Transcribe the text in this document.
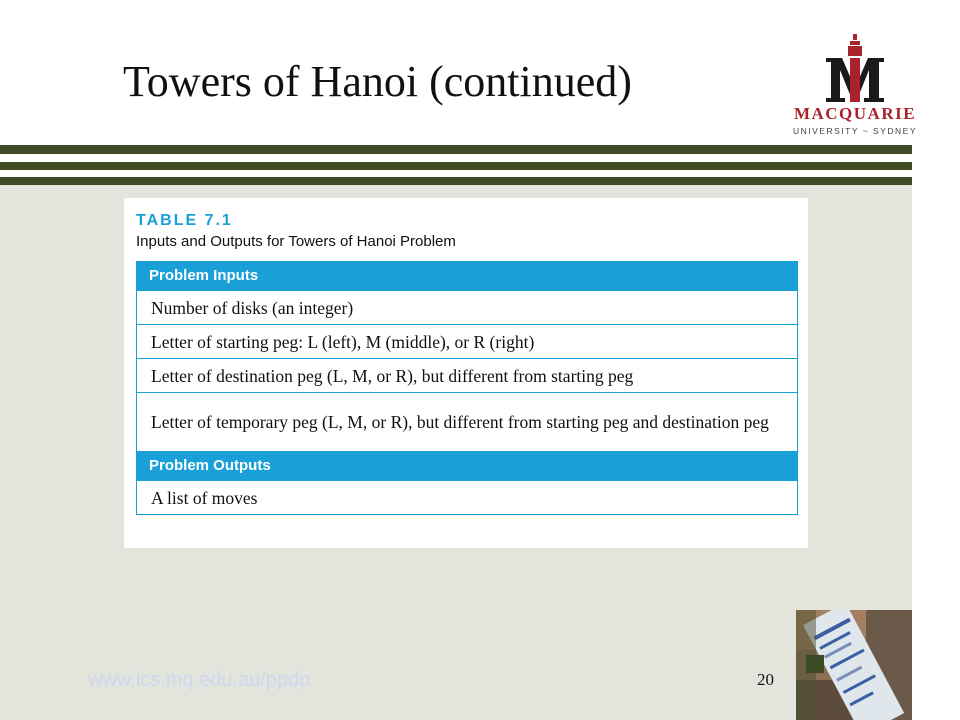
Towers of Hanoi (continued)
MACQUARIE
UNIVERSITY ~ SYDNEY
TABLE 7.1
Inputs and Outputs for Towers of Hanoi Problem
Problem Inputs
Number of disks (an integer)
Letter of starting peg: L (left), M (middle), or R (right)
Letter of destination peg (L, M, or R), but different from starting peg
Letter of temporary peg (L, M, or R), but different from starting peg and destination peg
Problem Outputs
A list of moves
www.ics.mq.edu.au/ppdp	20
